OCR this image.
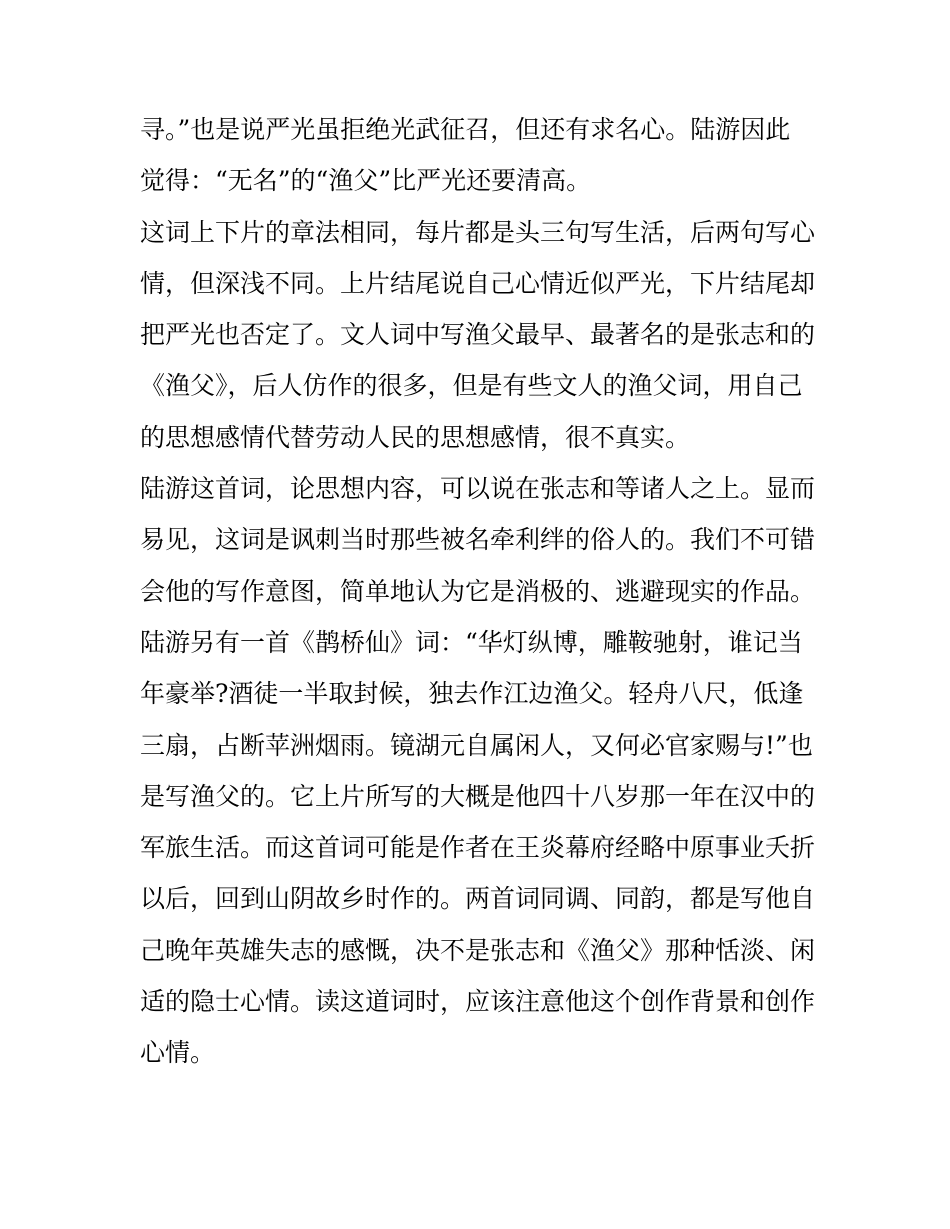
寻。”也是说严光虽拒绝光武征召，但还有求名心。陆游因此
觉得：“无名”的“渔父”比严光还要清高。
这词上下片的章法相同，每片都是头三句写生活，后两句写心
情，但深浅不同。上片结尾说自己心情近似严光，下片结尾却
把严光也否定了。文人词中写渔父最早、最著名的是张志和的
《渔父》，后人仿作的很多，但是有些文人的渔父词，用自己
的思想感情代替劳动人民的思想感情，很不真实。
陆游这首词，论思想内容，可以说在张志和等诸人之上。显而
易见，这词是讽刺当时那些被名牵利绊的俗人的。我们不可错
会他的写作意图，简单地认为它是消极的、逃避现实的作品。
陆游另有一首《鹊桥仙》词：“华灯纵博，雕鞍驰射，谁记当
年豪举?酒徒一半取封候，独去作江边渔父。轻舟八尺，低逢
三扇，占断苹洲烟雨。镜湖元自属闲人，又何必官家赐与!”也
是写渔父的。它上片所写的大概是他四十八岁那一年在汉中的
军旅生活。而这首词可能是作者在王炎幕府经略中原事业夭折
以后，回到山阴故乡时作的。两首词同调、同韵，都是写他自
己晚年英雄失志的感慨，决不是张志和《渔父》那种恬淡、闲
适的隐士心情。读这道词时，应该注意他这个创作背景和创作
心情。
